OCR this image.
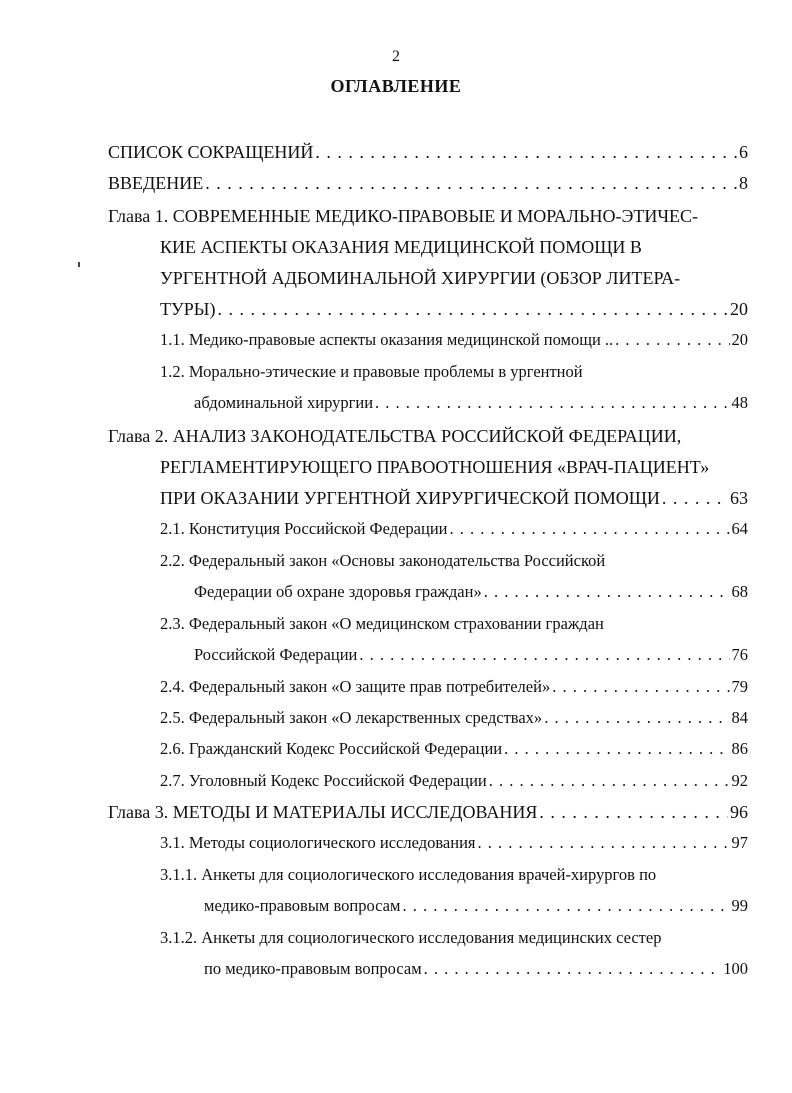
2
ОГЛАВЛЕНИЕ
СПИСОК СОКРАЩЕНИЙ . . .	6
ВВЕДЕНИЕ . . .	8
Глава 1. СОВРЕМЕННЫЕ МЕДИКО-ПРАВОВЫЕ И МОРАЛЬНО-ЭТИЧЕС-
КИЕ АСПЕКТЫ ОКАЗАНИЯ МЕДИЦИНСКОЙ ПОМОЩИ В
УРГЕНТНОЙ АДБОМИНАЛЬНОЙ ХИРУРГИИ (ОБЗОР ЛИТЕРА-
ТУРЫ) . . .	20
1.1. Медико-правовые аспекты оказания медицинской помощи .. . . .	20
1.2. Морально-этические и правовые проблемы в ургентной
абдоминальной хирургии . . .	48
Глава 2. АНАЛИЗ ЗАКОНОДАТЕЛЬСТВА РОССИЙСКОЙ ФЕДЕРАЦИИ,
РЕГЛАМЕНТИРУЮЩЕГО ПРАВООТНОШЕНИЯ «ВРАЧ-ПАЦИЕНТ»
ПРИ ОКАЗАНИИ УРГЕНТНОЙ ХИРУРГИЧЕСКОЙ ПОМОЩИ . . .	63
2.1. Конституция Российской Федерации . . .	64
2.2. Федеральный закон «Основы законодательства Российской
Федерации об охране здоровья граждан» . . .	68
2.3. Федеральный закон «О медицинском страховании граждан
Российской Федерации . . .	76
2.4. Федеральный закон «О защите прав потребителей» . . .	79
2.5. Федеральный закон «О лекарственных средствах» . . .	84
2.6. Гражданский Кодекс Российской Федерации . . .	86
2.7. Уголовный Кодекс Российской Федерации . . .	92
Глава 3. МЕТОДЫ И МАТЕРИАЛЫ ИССЛЕДОВАНИЯ . . .	96
3.1. Методы социологического исследования . . .	97
3.1.1. Анкеты для социологического исследования врачей-хирургов по
медико-правовым вопросам . . .	99
3.1.2. Анкеты для социологического исследования медицинских сестер
по медико-правовым вопросам . . .	100
